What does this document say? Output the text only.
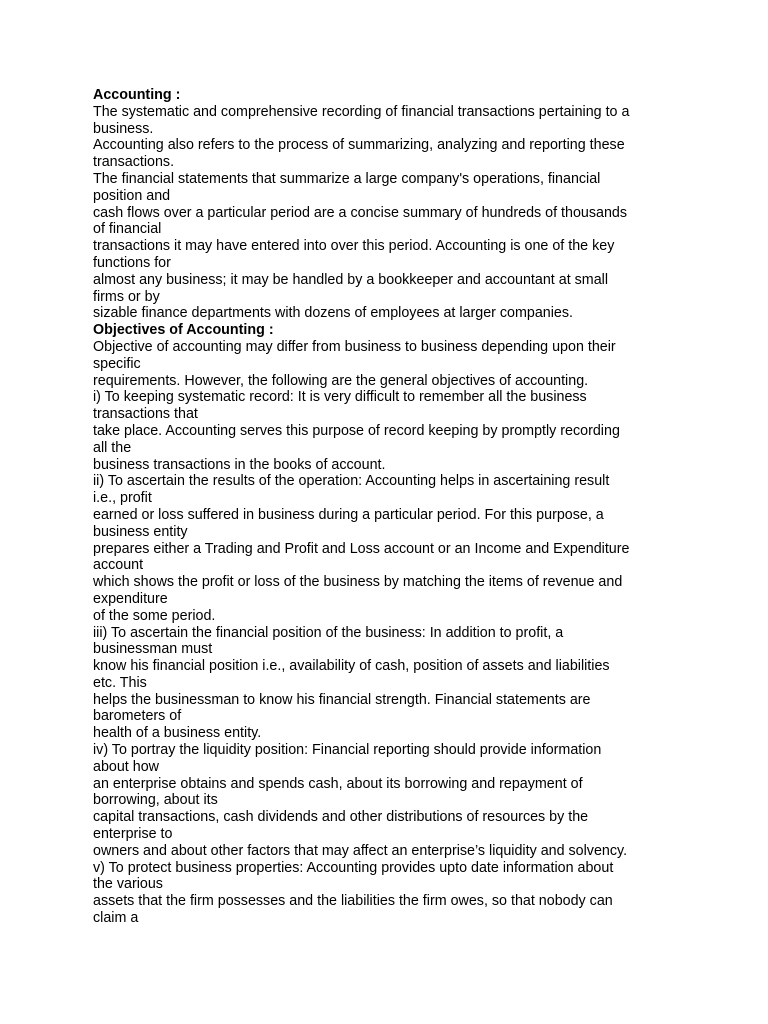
Accounting :
The systematic and comprehensive recording of financial transactions pertaining to a
business.
Accounting also refers to the process of summarizing, analyzing and reporting these
transactions.
The financial statements that summarize a large company's operations, financial
position and
cash flows over a particular period are a concise summary of hundreds of thousands
of financial
transactions it may have entered into over this period. Accounting is one of the key
functions for
almost any business; it may be handled by a bookkeeper and accountant at small
firms or by
sizable finance departments with dozens of employees at larger companies.
Objectives of Accounting :
Objective of accounting may differ from business to business depending upon their
specific
requirements. However, the following are the general objectives of accounting.
i) To keeping systematic record: It is very difficult to remember all the business
transactions that
take place. Accounting serves this purpose of record keeping by promptly recording
all the
business transactions in the books of account.
ii) To ascertain the results of the operation: Accounting helps in ascertaining result
i.e., profit
earned or loss suffered in business during a particular period. For this purpose, a
business entity
prepares either a Trading and Profit and Loss account or an Income and Expenditure
account
which shows the profit or loss of the business by matching the items of revenue and
expenditure
of the some period.
iii) To ascertain the financial position of the business: In addition to profit, a
businessman must
know his financial position i.e., availability of cash, position of assets and liabilities
etc. This
helps the businessman to know his financial strength. Financial statements are
barometers of
health of a business entity.
iv) To portray the liquidity position: Financial reporting should provide information
about how
an enterprise obtains and spends cash, about its borrowing and repayment of
borrowing, about its
capital transactions, cash dividends and other distributions of resources by the
enterprise to
owners and about other factors that may affect an enterprise’s liquidity and solvency.
v) To protect business properties: Accounting provides upto date information about
the various
assets that the firm possesses and the liabilities the firm owes, so that nobody can
claim a
